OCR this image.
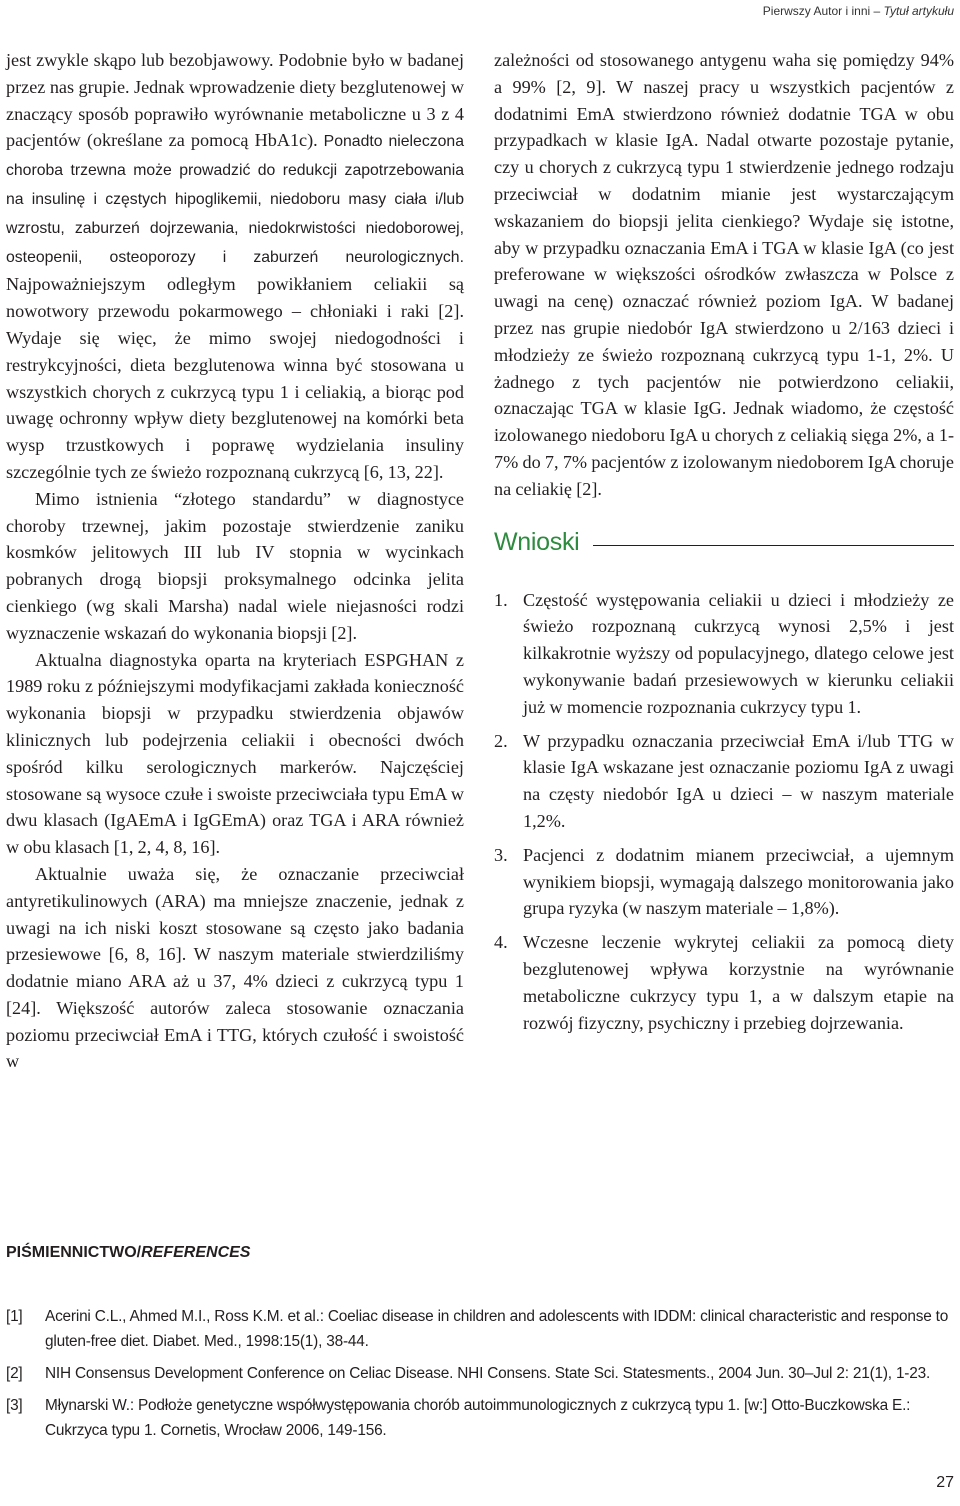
Pierwszy Autor i inni – Tytuł artykułu

jest zwykle skąpo lub bezobjawowy. Podobnie było w badanej przez nas grupie. Jednak wprowadzenie diety bezglutenowej w znaczący sposób poprawiło wyrównanie metaboliczne u 3 z 4 pacjentów (określane za pomocą HbA1c). Ponadto nieleczona choroba trzewna może prowadzić do redukcji zapotrzebowania na insulinę i częstych hipoglikemii, niedoboru masy ciała i/lub wzrostu, zaburzeń dojrzewania, niedokrwistości niedoborowej, osteopenii, osteoporozy i zaburzeń neurologicznych. Najpoważniejszym odległym powikłaniem celiakii są nowotwory przewodu pokarmowego – chłoniaki i raki [2]. Wydaje się więc, że mimo swojej niedogodności i restrykcyjności, dieta bezglutenowa winna być stosowana u wszystkich chorych z cukrzycą typu 1 i celiakią, a biorąc pod uwagę ochronny wpływ diety bezglutenowej na komórki beta wysp trzustkowych i poprawę wydzielania insuliny szczególnie tych ze świeżo rozpoznaną cukrzycą [6, 13, 22].

Mimo istnienia “złotego standardu” w diagnostyce choroby trzewnej, jakim pozostaje stwierdzenie zaniku kosmków jelitowych III lub IV stopnia w wycinkach pobranych drogą biopsji proksymalnego odcinka jelita cienkiego (wg skali Marsha) nadal wiele niejasności rodzi wyznaczenie wskazań do wykonania biopsji [2].

Aktualna diagnostyka oparta na kryteriach ESPGHAN z 1989 roku z późniejszymi modyfikacjami zakłada konieczność wykonania biopsji w przypadku stwierdzenia objawów klinicznych lub podejrzenia celiakii i obecności dwóch spośród kilku serologicznych markerów. Najczęściej stosowane są wysoce czułe i swoiste przeciwciała typu EmA w dwu klasach (IgAEmA i IgGEmA) oraz TGA i ARA również w obu klasach [1, 2, 4, 8, 16].

Aktualnie uważa się, że oznaczanie przeciwciał antyretikulinowych (ARA) ma mniejsze znaczenie, jednak z uwagi na ich niski koszt stosowane są często jako badania przesiewowe [6, 8, 16]. W naszym materiale stwierdziliśmy dodatnie miano ARA aż u 37, 4% dzieci z cukrzycą typu 1 [24]. Większość autorów zaleca stosowanie oznaczania poziomu przeciwciał EmA i TTG, których czułość i swoistość w

zależności od stosowanego antygenu waha się pomiędzy 94% a 99% [2, 9]. W naszej pracy u wszystkich pacjentów z dodatnimi EmA stwierdzono również dodatnie TGA w obu przypadkach w klasie IgA. Nadal otwarte pozostaje pytanie, czy u chorych z cukrzycą typu 1 stwierdzenie jednego rodzaju przeciwciał w dodatnim mianie jest wystarczającym wskazaniem do biopsji jelita cienkiego? Wydaje się istotne, aby w przypadku oznaczania EmA i TGA w klasie IgA (co jest preferowane w większości ośrodków zwłaszcza w Polsce z uwagi na cenę) oznaczać również poziom IgA. W badanej przez nas grupie niedobór IgA stwierdzono u 2/163 dzieci i młodzieży ze świeżo rozpoznaną cukrzycą typu 1-1, 2%. U żadnego z tych pacjentów nie potwierdzono celiakii, oznaczając TGA w klasie IgG. Jednak wiadomo, że częstość izolowanego niedoboru IgA u chorych z celiakią sięga 2%, a 1-7% do 7, 7% pacjentów z izolowanym niedoborem IgA choruje na celiakię [2].

Wnioski
1. Częstość występowania celiakii u dzieci i młodzieży ze świeżo rozpoznaną cukrzycą wynosi 2,5% i jest kilkakrotnie wyższy od populacyjnego, dlatego celowe jest wykonywanie badań przesiewowych w kierunku celiakii już w momencie rozpoznania cukrzycy typu 1.
2. W przypadku oznaczania przeciwciał EmA i/lub TTG w klasie IgA wskazane jest oznaczanie poziomu IgA z uwagi na częsty niedobór IgA u dzieci – w naszym materiale 1,2%.
3. Pacjenci z dodatnim mianem przeciwciał, a ujemnym wynikiem biopsji, wymagają dalszego monitorowania jako grupa ryzyka (w naszym materiale – 1,8%).
4. Wczesne leczenie wykrytej celiakii za pomocą diety bezglutenowej wpływa korzystnie na wyrównanie metaboliczne cukrzycy typu 1, a w dalszym etapie na rozwój fizyczny, psychiczny i przebieg dojrzewania.
PIŚMIENNICTWO/REFERENCES
[1] Acerini C.L., Ahmed M.I., Ross K.M. et al.: Coeliac disease in children and adolescents with IDDM: clinical characteristic and response to gluten-free diet. Diabet. Med., 1998:15(1), 38-44.
[2] NIH Consensus Development Conference on Celiac Disease. NHI Consens. State Sci. Statesments., 2004 Jun. 30–Jul 2: 21(1), 1-23.
[3] Młynarski W.: Podłoże genetyczne współwystępowania chorób autoimmunologicznych z cukrzycą typu 1. [w:] Otto-Buczkowska E.: Cukrzyca typu 1. Cornetis, Wrocław 2006, 149-156.
27
